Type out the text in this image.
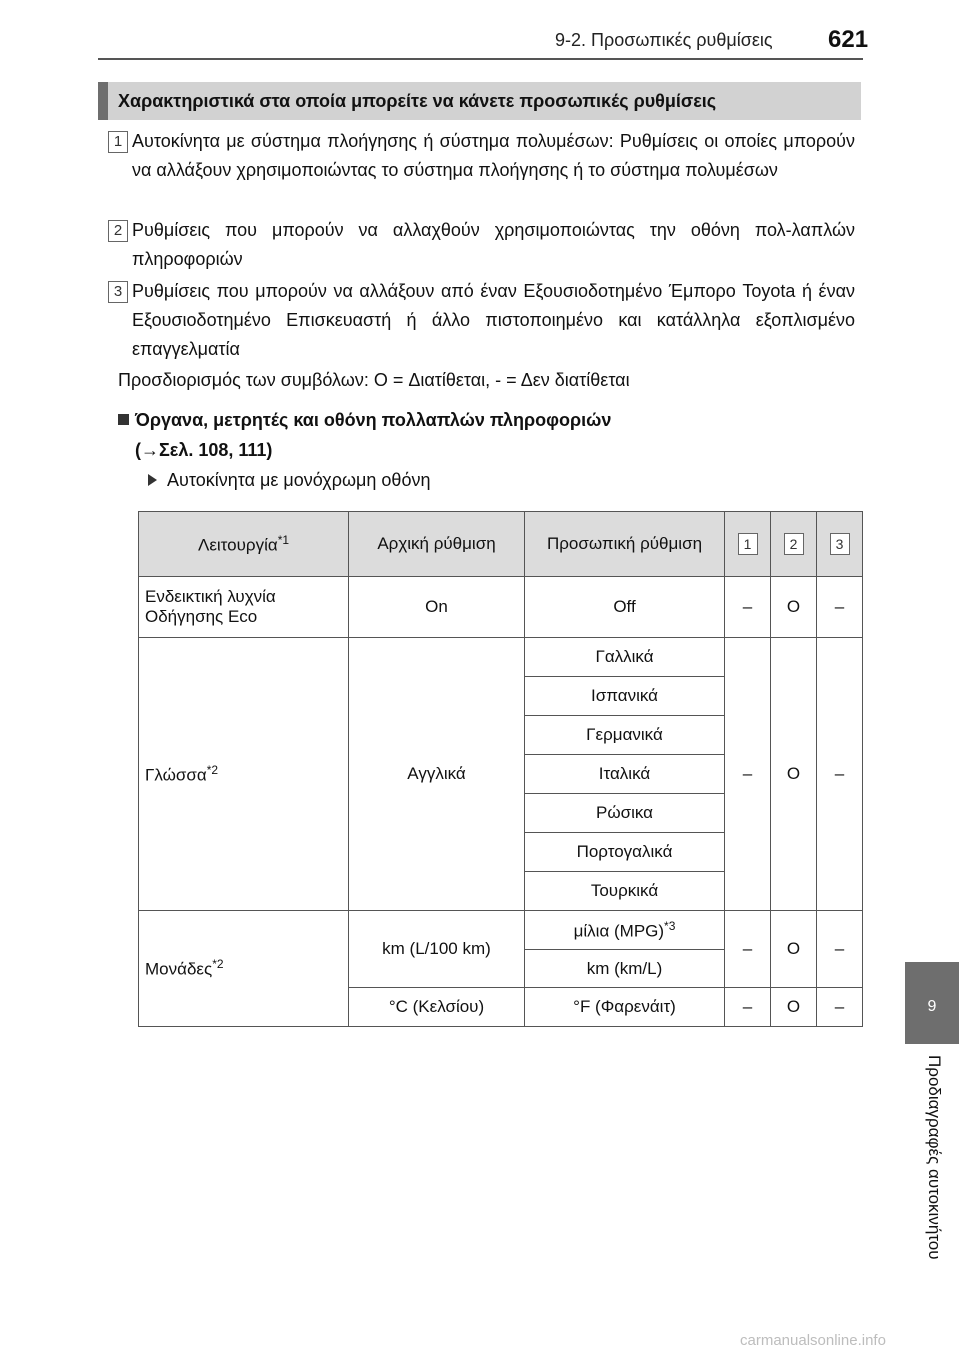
9-2. Προσωπικές ρυθμίσεις 621
Χαρακτηριστικά στα οποία μπορείτε να κάνετε προσωπικές ρυθμίσεις
1 Αυτοκίνητα με σύστημα πλοήγησης ή σύστημα πολυμέσων: Ρυθμίσεις οι οποίες μπορούν να αλλάξουν χρησιμοποιώντας το σύστημα πλοήγησης ή το σύστημα πολυμέσων
2 Ρυθμίσεις που μπορούν να αλλαχθούν χρησιμοποιώντας την οθόνη πολ-λαπλών πληροφοριών
3 Ρυθμίσεις που μπορούν να αλλάξουν από έναν Εξουσιοδοτημένο Έμπορο Toyota ή έναν Εξουσιοδοτημένο Επισκευαστή ή άλλο πιστοποιημένο και κατάλληλα εξοπλισμένο επαγγελματία
Προσδιορισμός των συμβόλων: O = Διατίθεται, - = Δεν διατίθεται
Όργανα, μετρητές και οθόνη πολλαπλών πληροφοριών
(→Σελ. 108, 111)
Αυτοκίνητα με μονόχρωμη οθόνη
Λειτουργία$^{*1}$	Αρχική ρύθμιση	Προσωπική ρύθμιση	1	2	3
Ενδεικτική λυχνία
Οδήγησης Eco	On	Off	–	O	–
Γλώσσα$^{*2}$	Αγγλικά	Γαλλικά	–	O	–
		Ισπανικά			
		Γερμανικά			
		Ιταλικά			
		Ρώσικα			
		Πορτογαλικά			
		Τουρκικά			
Μονάδες$^{*2}$	km (L/100 km)	μίλια (MPG)$^{*3}$	–	O	–
		km (km/L)			
	°C (Κελσίου)	°F (Φαρενάιτ)	–	O	–	9
Προδιαγραφές αυτοκινήτου
carmanualsonline.info
